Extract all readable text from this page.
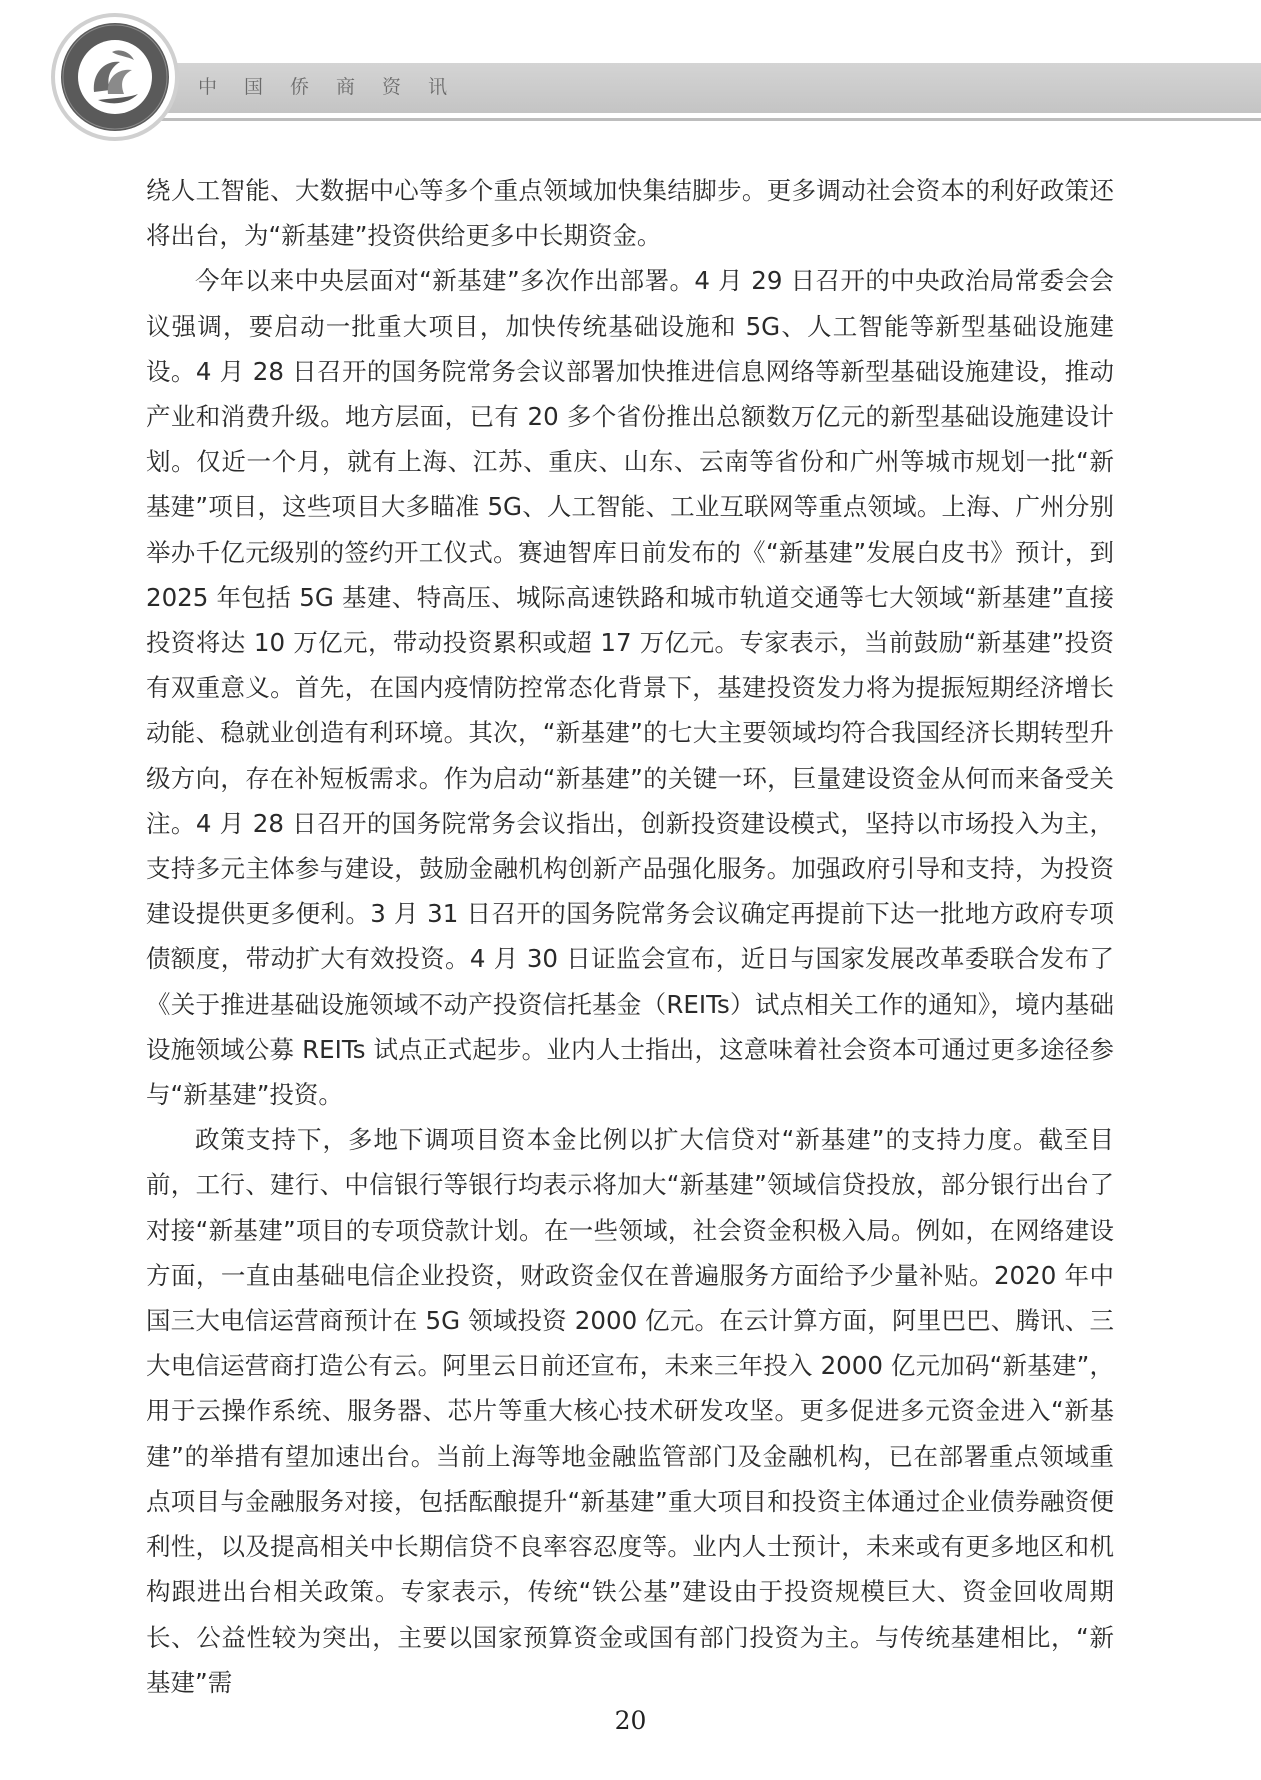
中国侨商资讯

绕人工智能、大数据中心等多个重点领域加快集结脚步。更多调动社会资本的利好政策还将出台，为“新基建”投资供给更多中长期资金。

今年以来中央层面对“新基建”多次作出部署。4 月 29 日召开的中央政治局常委会会议强调，要启动一批重大项目，加快传统基础设施和 5G、人工智能等新型基础设施建设。4 月 28 日召开的国务院常务会议部署加快推进信息网络等新型基础设施建设，推动产业和消费升级。地方层面，已有 20 多个省份推出总额数万亿元的新型基础设施建设计划。仅近一个月，就有上海、江苏、重庆、山东、云南等省份和广州等城市规划一批“新基建”项目，这些项目大多瞄准 5G、人工智能、工业互联网等重点领域。上海、广州分别举办千亿元级别的签约开工仪式。赛迪智库日前发布的《“新基建”发展白皮书》预计，到 2025 年包括 5G 基建、特高压、城际高速铁路和城市轨道交通等七大领域“新基建”直接投资将达 10 万亿元，带动投资累积或超 17 万亿元。专家表示，当前鼓励“新基建”投资有双重意义。首先，在国内疫情防控常态化背景下，基建投资发力将为提振短期经济增长动能、稳就业创造有利环境。其次，“新基建”的七大主要领域均符合我国经济长期转型升级方向，存在补短板需求。作为启动“新基建”的关键一环，巨量建设资金从何而来备受关注。4 月 28 日召开的国务院常务会议指出，创新投资建设模式，坚持以市场投入为主，支持多元主体参与建设，鼓励金融机构创新产品强化服务。加强政府引导和支持，为投资建设提供更多便利。3 月 31 日召开的国务院常务会议确定再提前下达一批地方政府专项债额度，带动扩大有效投资。4 月 30 日证监会宣布，近日与国家发展改革委联合发布了《关于推进基础设施领域不动产投资信托基金（REITs）试点相关工作的通知》，境内基础设施领域公募 REITs 试点正式起步。业内人士指出，这意味着社会资本可通过更多途径参与“新基建”投资。

政策支持下，多地下调项目资本金比例以扩大信贷对“新基建”的支持力度。截至目前，工行、建行、中信银行等银行均表示将加大“新基建”领域信贷投放，部分银行出台了对接“新基建”项目的专项贷款计划。在一些领域，社会资金积极入局。例如，在网络建设方面，一直由基础电信企业投资，财政资金仅在普遍服务方面给予少量补贴。2020 年中国三大电信运营商预计在 5G 领域投资 2000 亿元。在云计算方面，阿里巴巴、腾讯、三大电信运营商打造公有云。阿里云日前还宣布，未来三年投入 2000 亿元加码“新基建”，用于云操作系统、服务器、芯片等重大核心技术研发攻坚。更多促进多元资金进入“新基建”的举措有望加速出台。当前上海等地金融监管部门及金融机构，已在部署重点领域重点项目与金融服务对接，包括酝酿提升“新基建”重大项目和投资主体通过企业债券融资便利性，以及提高相关中长期信贷不良率容忍度等。业内人士预计，未来或有更多地区和机构跟进出台相关政策。专家表示，传统“铁公基”建设由于投资规模巨大、资金回收周期长、公益性较为突出，主要以国家预算资金或国有部门投资为主。与传统基建相比，“新基建”需

20
